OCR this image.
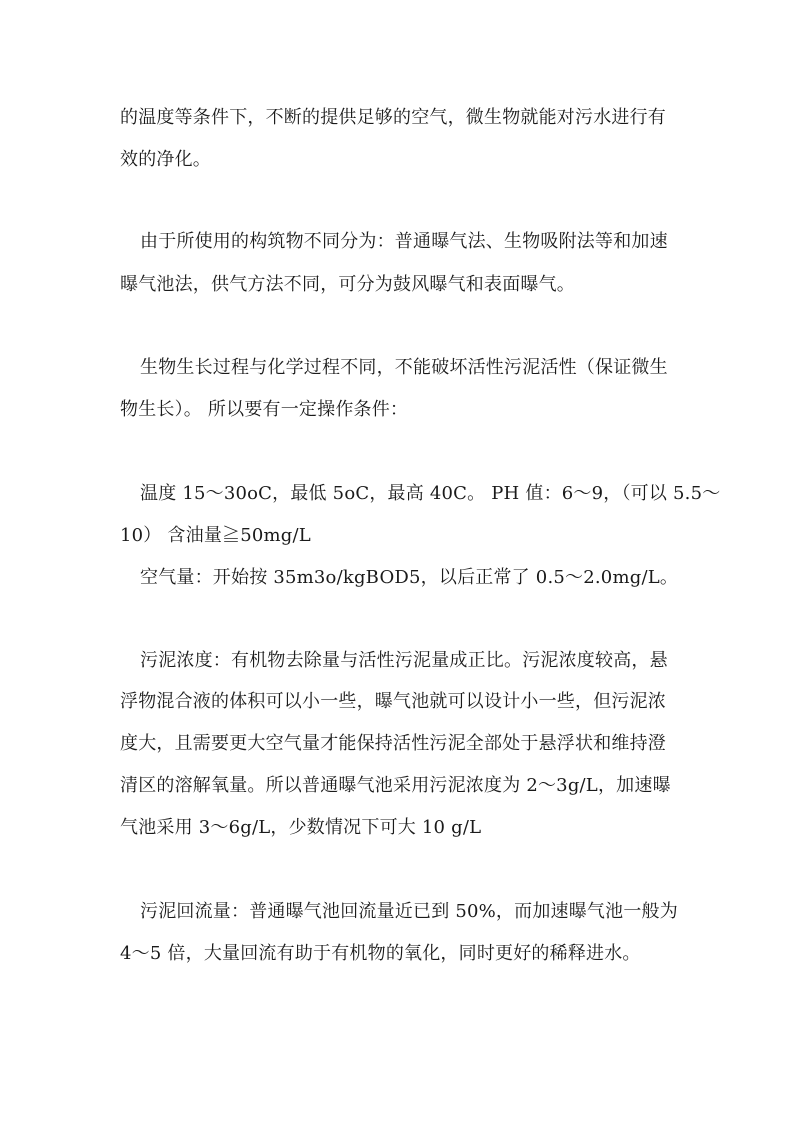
的温度等条件下，不断的提供足够的空气，微生物就能对污水进行有
效的净化。
由于所使用的构筑物不同分为：普通曝气法、生物吸附法等和加速
曝气池法，供气方法不同，可分为鼓风曝气和表面曝气。
生物生长过程与化学过程不同，不能破坏活性污泥活性（保证微生
物生长）。 所以要有一定操作条件：
温度 15～30oC，最低 5oC，最高 40C。 PH 值：6～9，（可以 5.5～
10） 含油量≧50mg/L
空气量：开始按 35m3o/kgBOD5，以后正常了 0.5～2.0mg/L。
污泥浓度：有机物去除量与活性污泥量成正比。污泥浓度较高，悬
浮物混合液的体积可以小一些，曝气池就可以设计小一些，但污泥浓
度大，且需要更大空气量才能保持活性污泥全部处于悬浮状和维持澄
清区的溶解氧量。所以普通曝气池采用污泥浓度为 2～3g/L，加速曝
气池采用 3～6g/L，少数情况下可大 10 g/L
污泥回流量：普通曝气池回流量近已到 50%，而加速曝气池一般为
4～5 倍，大量回流有助于有机物的氧化，同时更好的稀释进水。
